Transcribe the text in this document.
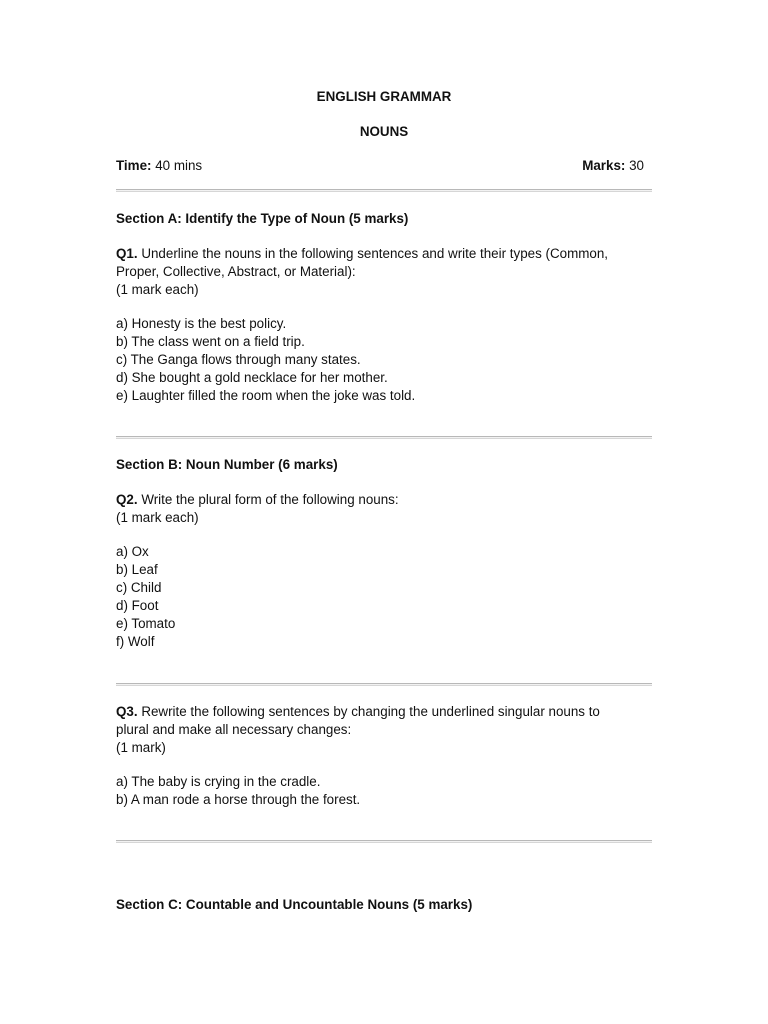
ENGLISH GRAMMAR
NOUNS
Time: 40 mins	Marks: 30
Section A: Identify the Type of Noun (5 marks)
Q1. Underline the nouns in the following sentences and write their types (Common,
Proper, Collective, Abstract, or Material):
(1 mark each)
a) Honesty is the best policy.
b) The class went on a field trip.
c) The Ganga flows through many states.
d) She bought a gold necklace for her mother.
e) Laughter filled the room when the joke was told.
Section B: Noun Number (6 marks)
Q2. Write the plural form of the following nouns:
(1 mark each)
a) Ox
b) Leaf
c) Child
d) Foot
e) Tomato
f) Wolf
Q3. Rewrite the following sentences by changing the underlined singular nouns to
plural and make all necessary changes:
(1 mark)
a) The baby is crying in the cradle.
b) A man rode a horse through the forest.
Section C: Countable and Uncountable Nouns (5 marks)
